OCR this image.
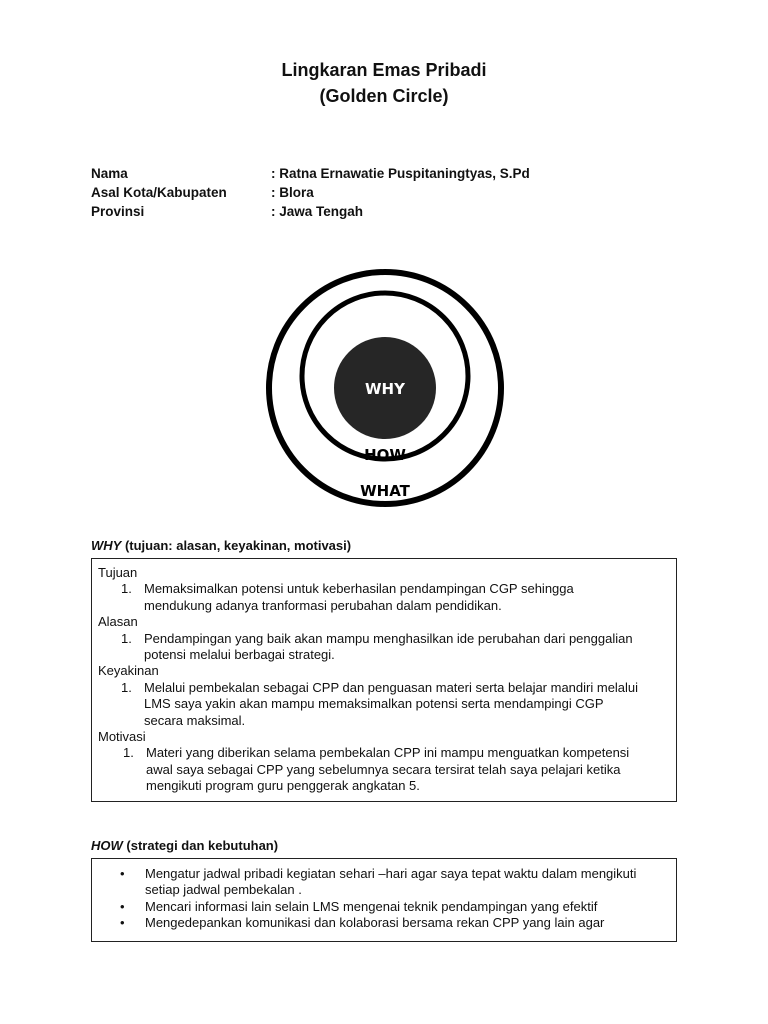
Lingkaran Emas Pribadi
(Golden Circle)
Nama	: Ratna Ernawatie Puspitaningtyas, S.Pd
Asal Kota/Kabupaten	: Blora
Provinsi	: Jawa Tengah
WHY
HOW
WHAT
WHY (tujuan: alasan, keyakinan, motivasi)

Tujuan

1. Memaksimalkan potensi untuk keberhasilan pendampingan CGP sehingga
mendukung adanya tranformasi perubahan dalam pendidikan.

Alasan

1. Pendampingan yang baik akan mampu menghasilkan ide perubahan dari penggalian
potensi melalui berbagai strategi.

Keyakinan

1. Melalui pembekalan sebagai CPP dan penguasan materi serta belajar mandiri melalui
LMS saya yakin akan mampu memaksimalkan potensi serta mendampingi CGP
secara maksimal.

Motivasi

1. Materi yang diberikan selama pembekalan CPP ini mampu menguatkan kompetensi
awal saya sebagai CPP yang sebelumnya secara tersirat telah saya pelajari ketika
mengikuti program guru penggerak angkatan 5.
HOW (strategi dan kebutuhan)
•	Mengatur jadwal pribadi kegiatan sehari –hari agar saya tepat waktu dalam mengikuti
setiap jadwal pembekalan .
•	Mencari informasi lain selain LMS mengenai teknik pendampingan yang efektif
•	Mengedepankan komunikasi dan kolaborasi bersama rekan CPP yang lain agar
